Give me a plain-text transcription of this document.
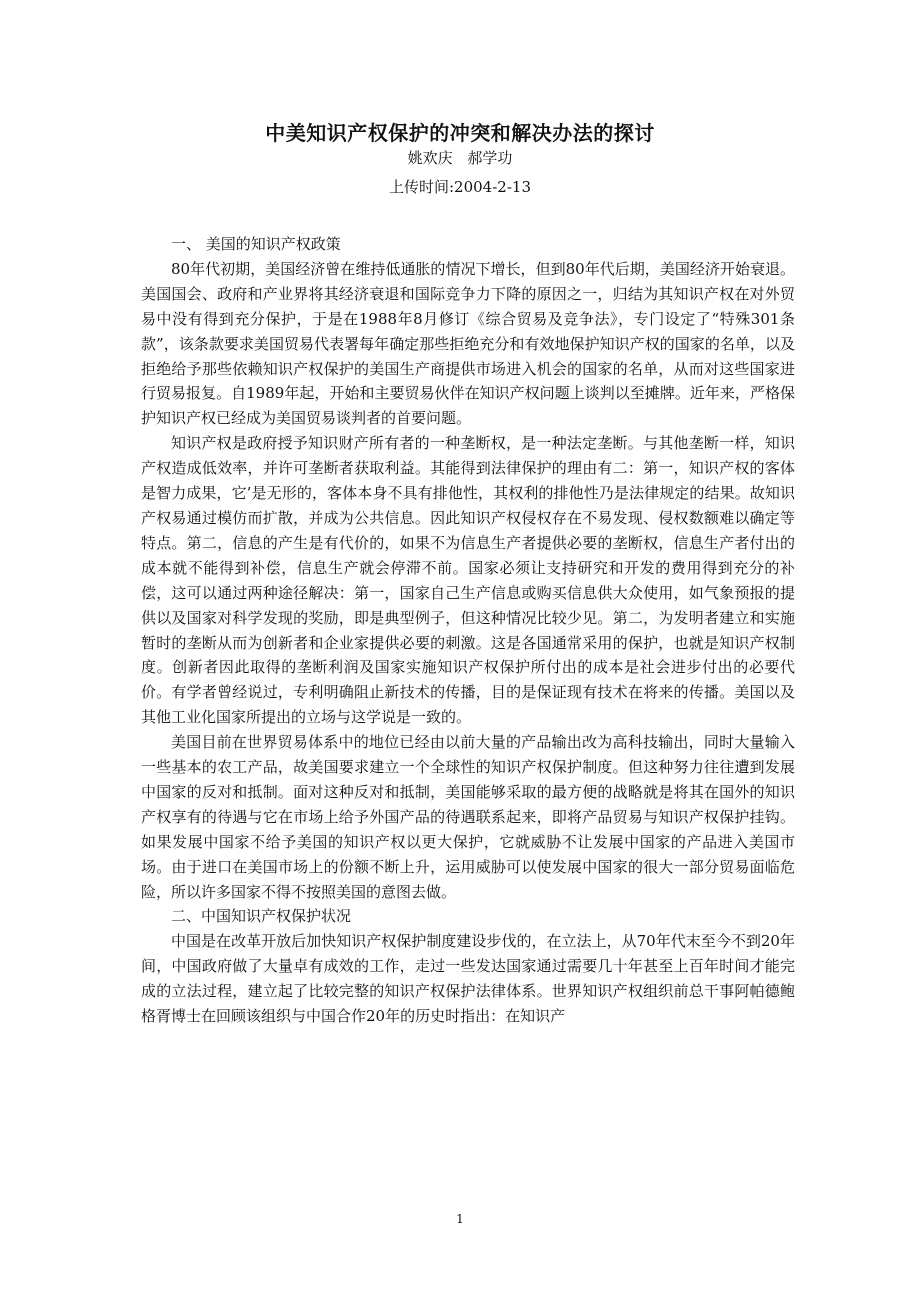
中美知识产权保护的冲突和解决办法的探讨
姚欢庆 郝学功
上传时间:2004-2-13

一、 美国的知识产权政策

80年代初期，美国经济曾在维持低通胀的情况下增长，但到80年代后期，美国经济开始衰退。美国国会、政府和产业界将其经济衰退和国际竞争力下降的原因之一，归结为其知识产权在对外贸易中没有得到充分保护，于是在1988年8月修订《综合贸易及竞争法》，专门设定了“特殊301条款”，该条款要求美国贸易代表署每年确定那些拒绝充分和有效地保护知识产权的国家的名单，以及拒绝给予那些依赖知识产权保护的美国生产商提供市场进入机会的国家的名单，从而对这些国家进行贸易报复。自1989年起，开始和主要贸易伙伴在知识产权问题上谈判以至摊牌。近年来，严格保护知识产权已经成为美国贸易谈判者的首要问题。

知识产权是政府授予知识财产所有者的一种垄断权，是一种法定垄断。与其他垄断一样，知识产权造成低效率，并许可垄断者获取利益。其能得到法律保护的理由有二：第一，知识产权的客体是智力成果，它’是无形的，客体本身不具有排他性，其权利的排他性乃是法律规定的结果。故知识产权易通过模仿而扩散，并成为公共信息。因此知识产权侵权存在不易发现、侵权数额难以确定等特点。第二，信息的产生是有代价的，如果不为信息生产者提供必要的垄断权，信息生产者付出的成本就不能得到补偿，信息生产就会停滞不前。国家必须让支持研究和开发的费用得到充分的补偿，这可以通过两种途径解决：第一，国家自己生产信息或购买信息供大众使用，如气象预报的提供以及国家对科学发现的奖励，即是典型例子，但这种情况比较少见。第二，为发明者建立和实施暂时的垄断从而为创新者和企业家提供必要的刺激。这是各国通常采用的保护，也就是知识产权制度。创新者因此取得的垄断利润及国家实施知识产权保护所付出的成本是社会进步付出的必要代价。有学者曾经说过，专利明确阻止新技术的传播，目的是保证现有技术在将来的传播。美国以及其他工业化国家所提出的立场与这学说是一致的。

美国目前在世界贸易体系中的地位已经由以前大量的产品输出改为高科技输出，同时大量输入一些基本的农工产品，故美国要求建立一个全球性的知识产权保护制度。但这种努力往往遭到发展中国家的反对和抵制。面对这种反对和抵制，美国能够采取的最方便的战略就是将其在国外的知识产权享有的待遇与它在市场上给予外国产品的待遇联系起来，即将产品贸易与知识产权保护挂钩。如果发展中国家不给予美国的知识产权以更大保护，它就威胁不让发展中国家的产品进入美国市场。由于进口在美国市场上的份额不断上升，运用威胁可以使发展中国家的很大一部分贸易面临危险，所以许多国家不得不按照美国的意图去做。

二、中国知识产权保护状况

中国是在改革开放后加快知识产权保护制度建设步伐的，在立法上，从70年代末至今不到20年间，中国政府做了大量卓有成效的工作，走过一些发达国家通过需要几十年甚至上百年时间才能完成的立法过程，建立起了比较完整的知识产权保护法律体系。世界知识产权组织前总干事阿帕德鲍格胥博士在回顾该组织与中国合作20年的历史时指出：在知识产

1
